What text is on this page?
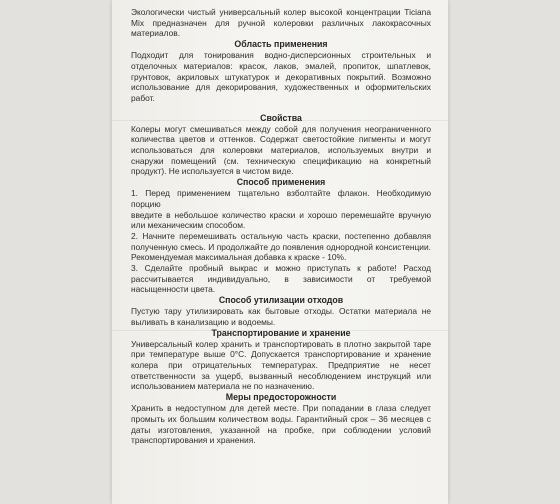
Экологически чистый универсальный колер высокой концентрации Ticiana Mix предназначен для ручной колеровки различных лакокрасочных материалов.

Область применения

Подходит для тонирования водно-дисперсионных строительных и отделочных материалов: красок, лаков, эмалей, пропиток, шпатлевок, грунтовок, акриловых штукатурок и декоративных покрытий. Возможно использование для декорирования, художественных и оформительских работ.

Свойства

Колеры могут смешиваться между собой для получения неограниченного количества цветов и оттенков. Содержат светостойкие пигменты и могут использоваться для колеровки материалов, используемых внутри и снаружи помещений (см. техническую спецификацию на конкретный продукт). Не используется в чистом виде.

Способ применения

1. Перед применением тщательно взболтайте флакон. Необходимую порцию

введите в небольшое количество краски и хорошо перемешайте вручную или механическим способом.

2. Начните перемешивать остальную часть краски, постепенно добавляя полученную смесь. И продолжайте до появления однородной консистенции. Рекомендуемая максимальная добавка к краске - 10%.

3. Сделайте пробный выкрас и можно приступать к работе! Расход рассчитывается индивидуально, в зависимости от требуемой насыщенности цвета.

Способ утилизации отходов

Пустую тару утилизировать как бытовые отходы. Остатки материала не выливать в канализацию и водоемы.

Транспортирование и хранение

Универсальный колер хранить и транспортировать в плотно закрытой таре при температуре выше 0°С. Допускается транспортирование и хранение колера при отрицательных температурах. Предприятие не несет ответственности за ущерб, вызванный несоблюдением инструкций или использованием материала не по назначению.

Меры предосторожности

Хранить в недоступном для детей месте. При попадании в глаза следует промыть их большим количеством воды. Гарантийный срок – 36 месяцев с даты изготовления, указанной на пробке, при соблюдении условий транспортирования и хранения.
